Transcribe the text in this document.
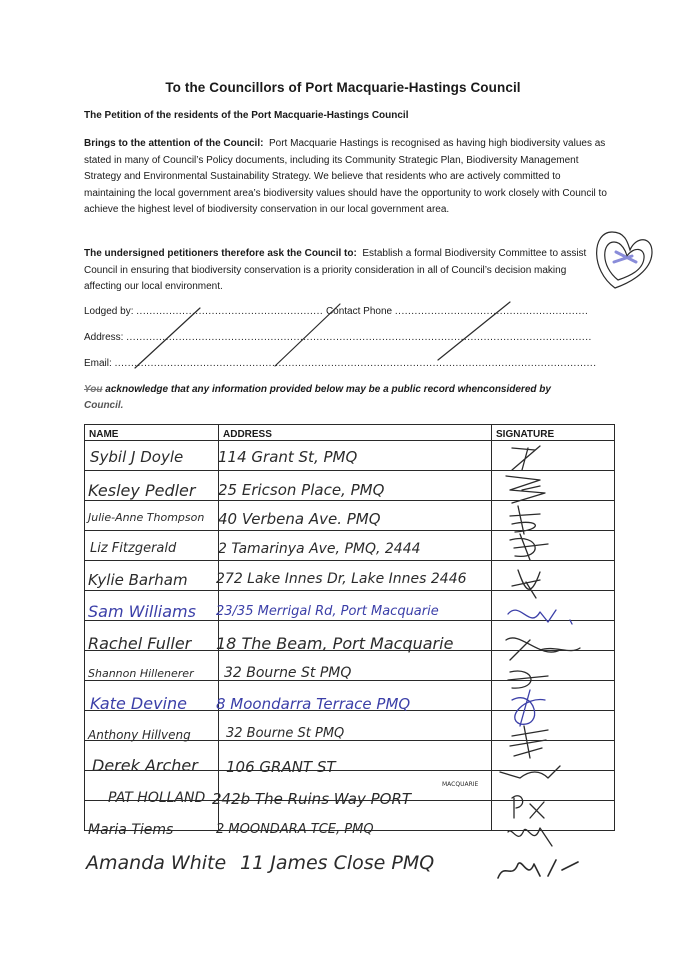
To the Councillors of Port Macquarie-Hastings Council
The Petition of the residents of the Port Macquarie-Hastings Council
Brings to the attention of the Council: Port Macquarie Hastings is recognised as having high biodiversity values as stated in many of Council’s Policy documents, including its Community Strategic Plan, Biodiversity Management Strategy and Environmental Sustainability Strategy. We believe that residents who are actively committed to maintaining the local government area’s biodiversity values should have the opportunity to work closely with Council to achieve the highest level of biodiversity conservation in our local government area.
The undersigned petitioners therefore ask the Council to: Establish a formal Biodiversity Committee to assist Council in ensuring that biodiversity conservation is a priority consideration in all of Council’s decision making affecting our local environment.
Lodged by: ......................................................... Contact Phone ...........................................................
Address: ..............................................................................................................................................
Email: ...................................................................................................................................................
You acknowledge that any information provided below may be a public record whenconsidered by
Council.
NAME	ADDRESS	SIGNATURE

Sybil J Doyle 114 Grant St, PMQ
Kesley Pedler 25 Ericson Place, PMQ
Julie-Anne Thompson 40 Verbena Ave. PMQ
Liz Fitzgerald	2 Tamarinya Ave, PMQ, 2444
Kylie Barham 272 Lake Innes Dr, Lake Innes 2446
Sam Williams 23/35 Merrigal Rd, Port Macquarie
Rachel Fuller 18 The Beam, Port Macquarie
Shannon Hillenerer 32 Bourne St PMQ
Kate Devine 8 Moondarra Terrace PMQ
Anthony Hillveng	32 Bourne St PMQ
Derek Archer 106 GRANT ST
PAT HOLLAND 242b The Ruins Way PORT
MACQUARIE
Maria Tiems	2 MOONDARA TCE, PMQ
Amanda White 11 James Close PMQ
